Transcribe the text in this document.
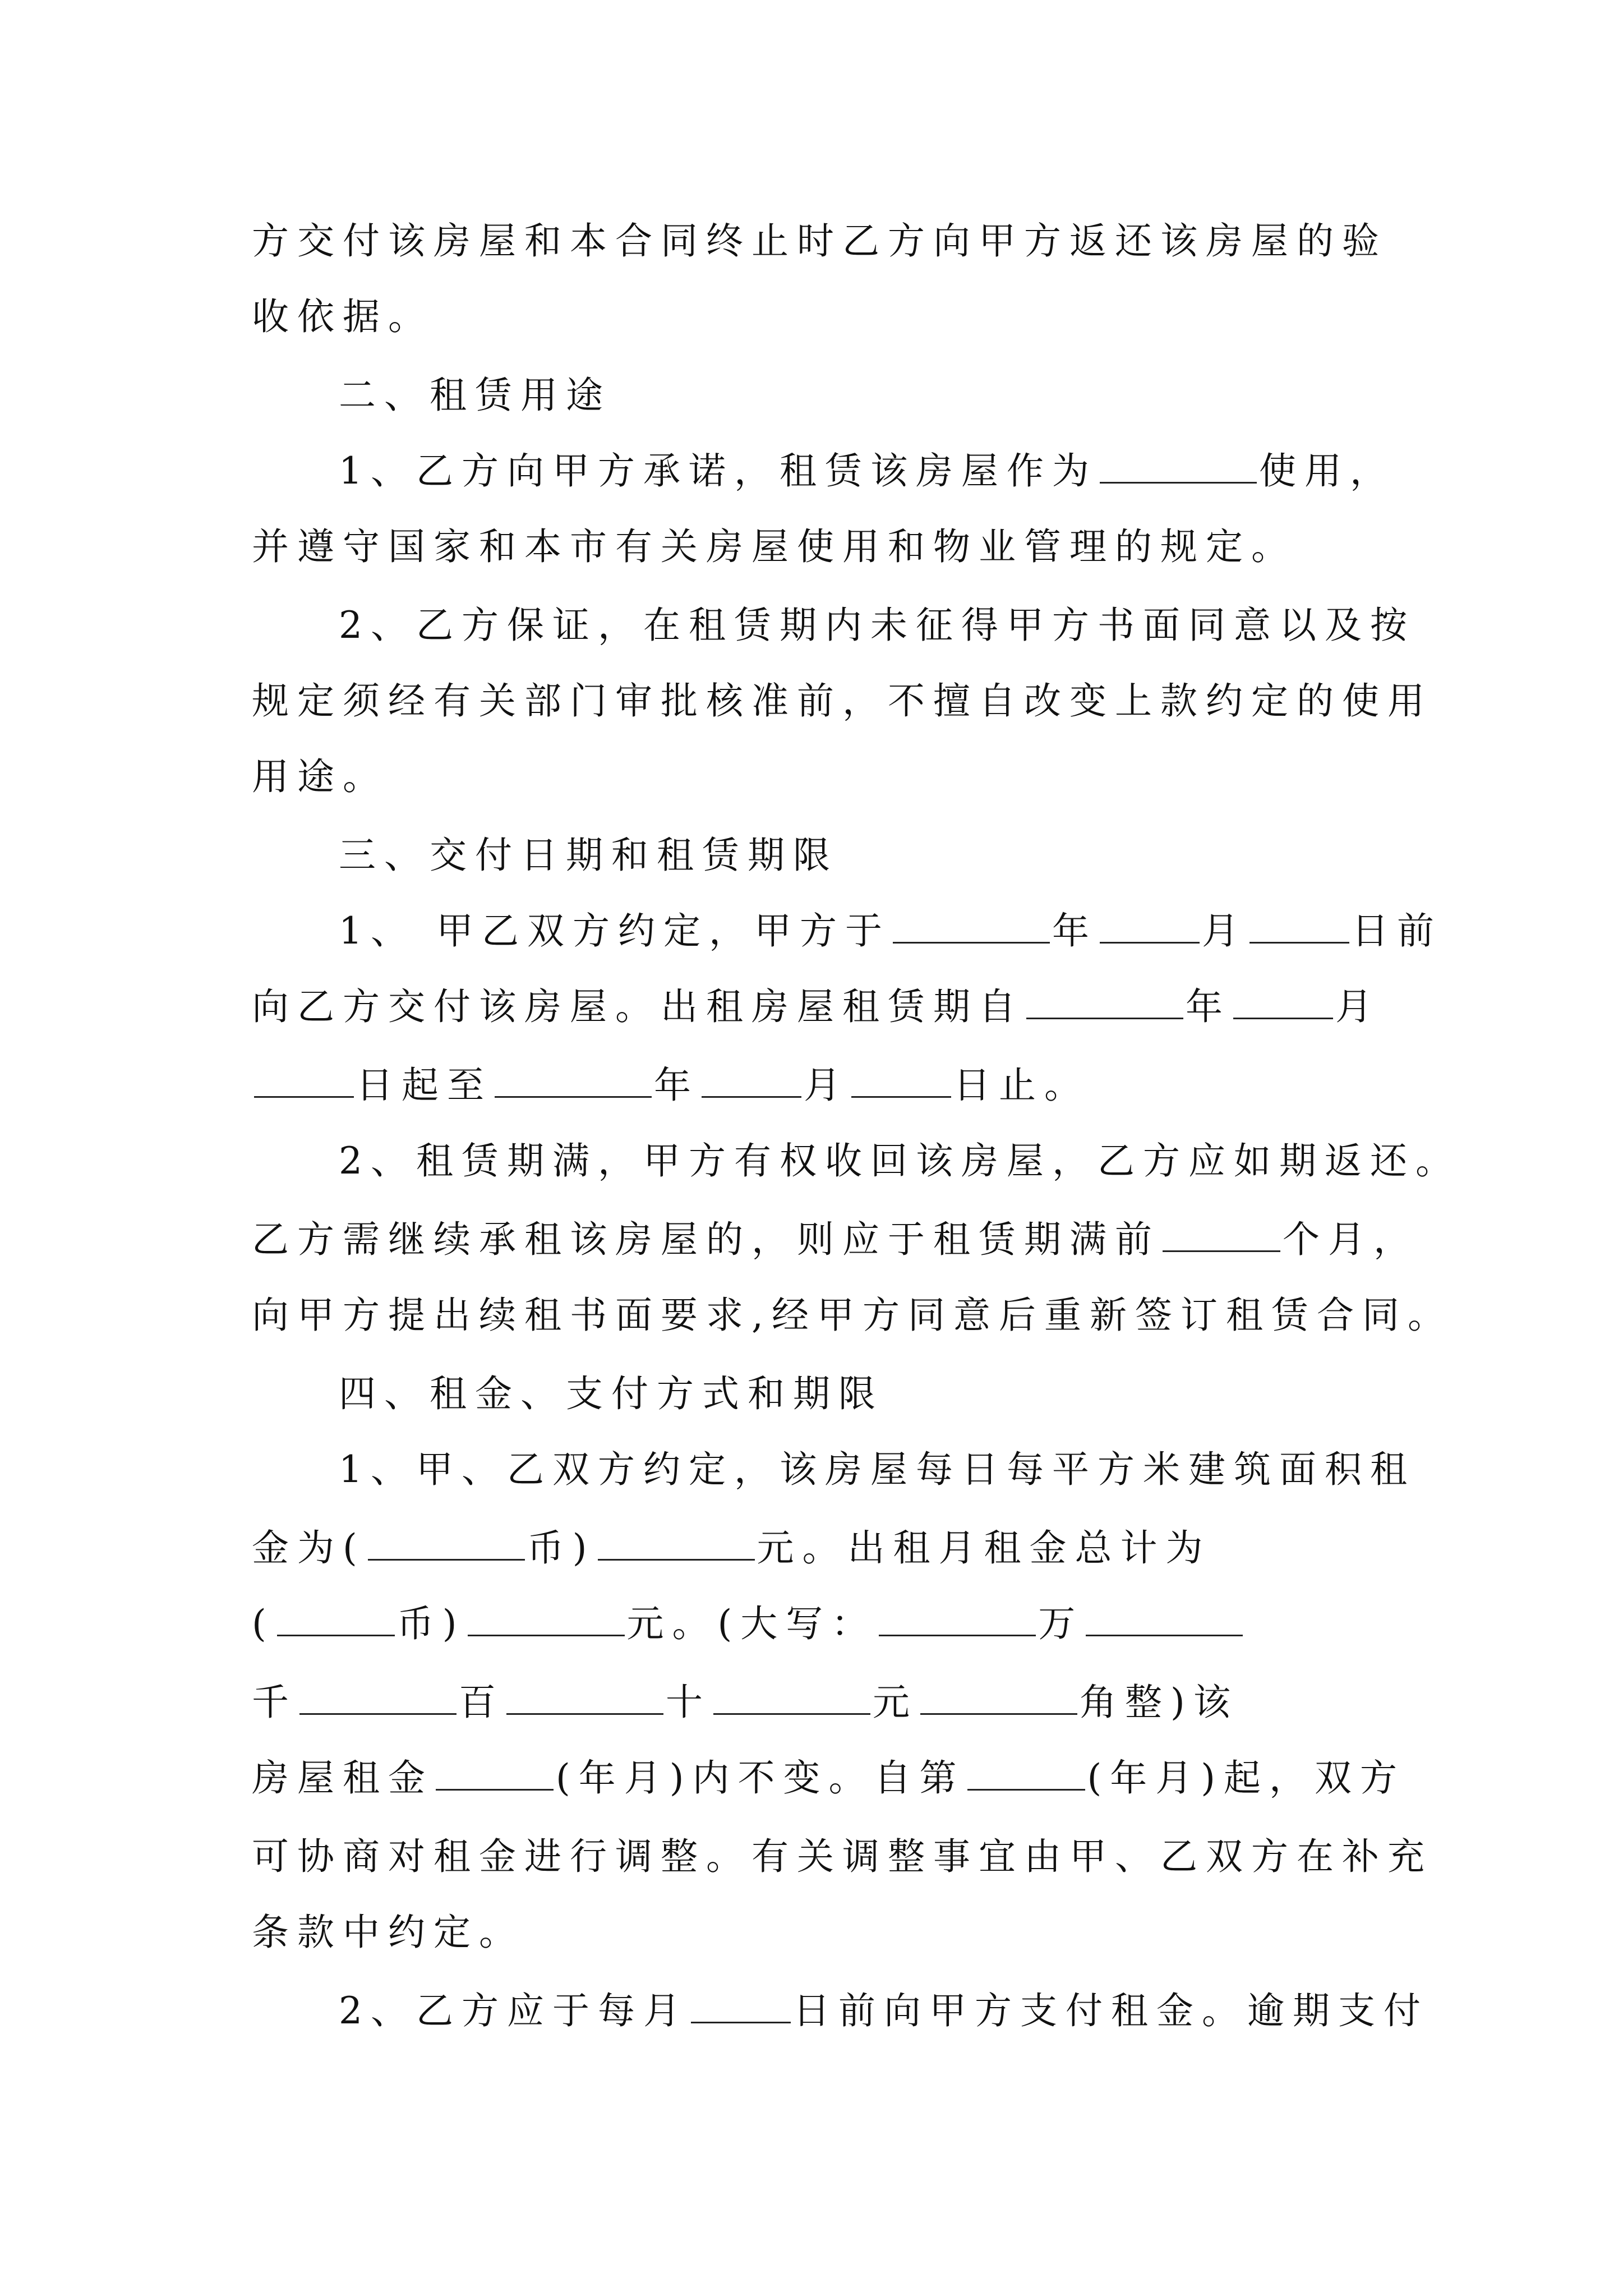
方交付该房屋和本合同终止时乙方向甲方返还该房屋的验
收依据。
二、租赁用途
1、乙方向甲方承诺，租赁该房屋作为	使用，
并遵守国家和本市有关房屋使用和物业管理的规定。
2、乙方保证，在租赁期内未征得甲方书面同意以及按
规定须经有关部门审批核准前，不擅自改变上款约定的使用
用途。
三、交付日期和租赁期限
1、 甲乙双方约定，甲方于	年	月	日前
向乙方交付该房屋。出租房屋租赁期自	年	月
日起至	年	月	日止。
2、租赁期满，甲方有权收回该房屋，乙方应如期返还。
乙方需继续承租该房屋的，则应于租赁期满前	个月，
向甲方提出续租书面要求,经甲方同意后重新签订租赁合同。
四、租金、支付方式和期限
1、甲、乙双方约定，该房屋每日每平方米建筑面积租
金为(	币)	元。出租月租金总计为
(	币)	元。(大写：	万
千	百	十	元	角整)该
房屋租金	(年月)内不变。自第	(年月)起，双方
可协商对租金进行调整。有关调整事宜由甲、乙双方在补充
条款中约定。
2、乙方应于每月	日前向甲方支付租金。逾期支付
